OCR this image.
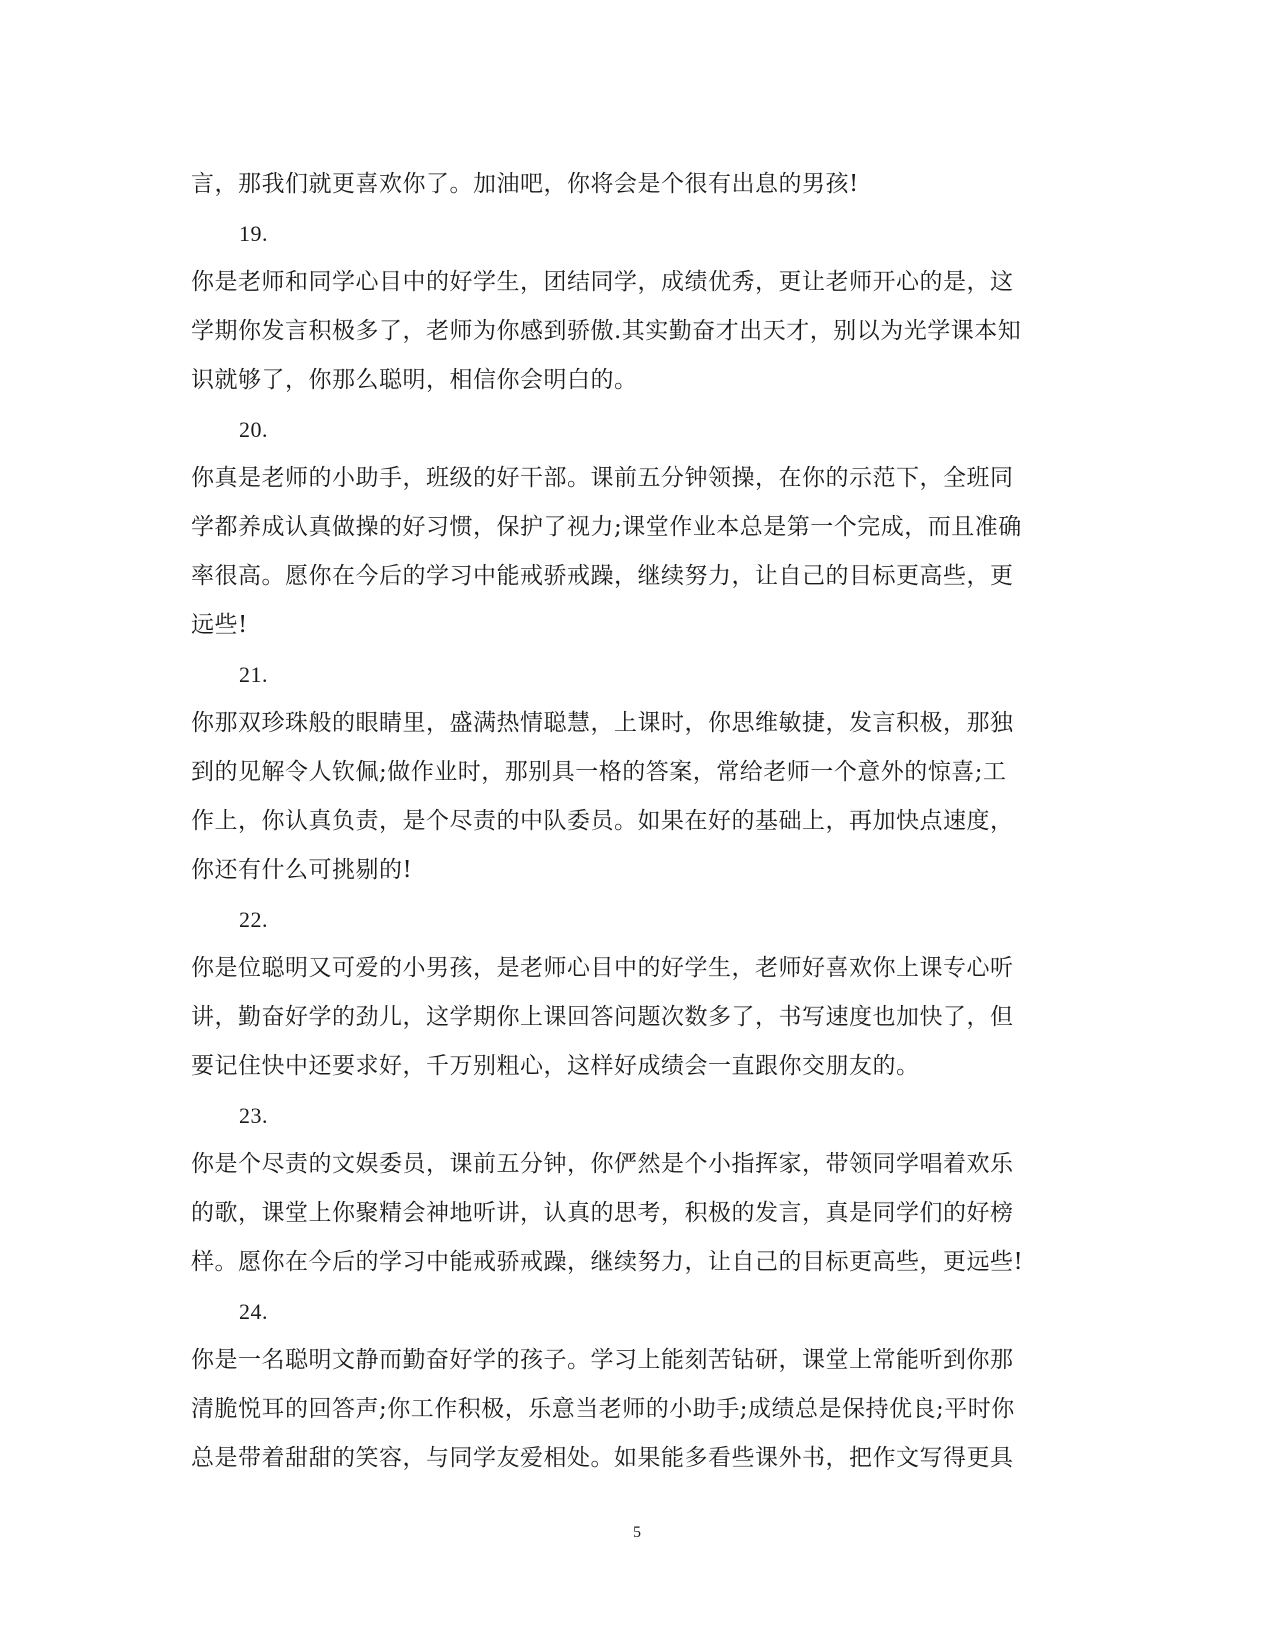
言，那我们就更喜欢你了。加油吧，你将会是个很有出息的男孩!
19.
你是老师和同学心目中的好学生，团结同学，成绩优秀，更让老师开心的是，这
学期你发言积极多了，老师为你感到骄傲.其实勤奋才出天才，别以为光学课本知
识就够了，你那么聪明，相信你会明白的。
20.
你真是老师的小助手，班级的好干部。课前五分钟领操，在你的示范下，全班同
学都养成认真做操的好习惯，保护了视力;课堂作业本总是第一个完成，而且准确
率很高。愿你在今后的学习中能戒骄戒躁，继续努力，让自己的目标更高些，更
远些!
21.
你那双珍珠般的眼睛里，盛满热情聪慧，上课时，你思维敏捷，发言积极，那独
到的见解令人钦佩;做作业时，那别具一格的答案，常给老师一个意外的惊喜;工
作上，你认真负责，是个尽责的中队委员。如果在好的基础上，再加快点速度，
你还有什么可挑剔的!
22.
你是位聪明又可爱的小男孩，是老师心目中的好学生，老师好喜欢你上课专心听
讲，勤奋好学的劲儿，这学期你上课回答问题次数多了，书写速度也加快了，但
要记住快中还要求好，千万别粗心，这样好成绩会一直跟你交朋友的。
23.
你是个尽责的文娱委员，课前五分钟，你俨然是个小指挥家，带领同学唱着欢乐
的歌，课堂上你聚精会神地听讲，认真的思考，积极的发言，真是同学们的好榜
样。愿你在今后的学习中能戒骄戒躁，继续努力，让自己的目标更高些，更远些!
24.
你是一名聪明文静而勤奋好学的孩子。学习上能刻苦钻研，课堂上常能听到你那
清脆悦耳的回答声;你工作积极，乐意当老师的小助手;成绩总是保持优良;平时你
总是带着甜甜的笑容，与同学友爱相处。如果能多看些课外书，把作文写得更具
5
